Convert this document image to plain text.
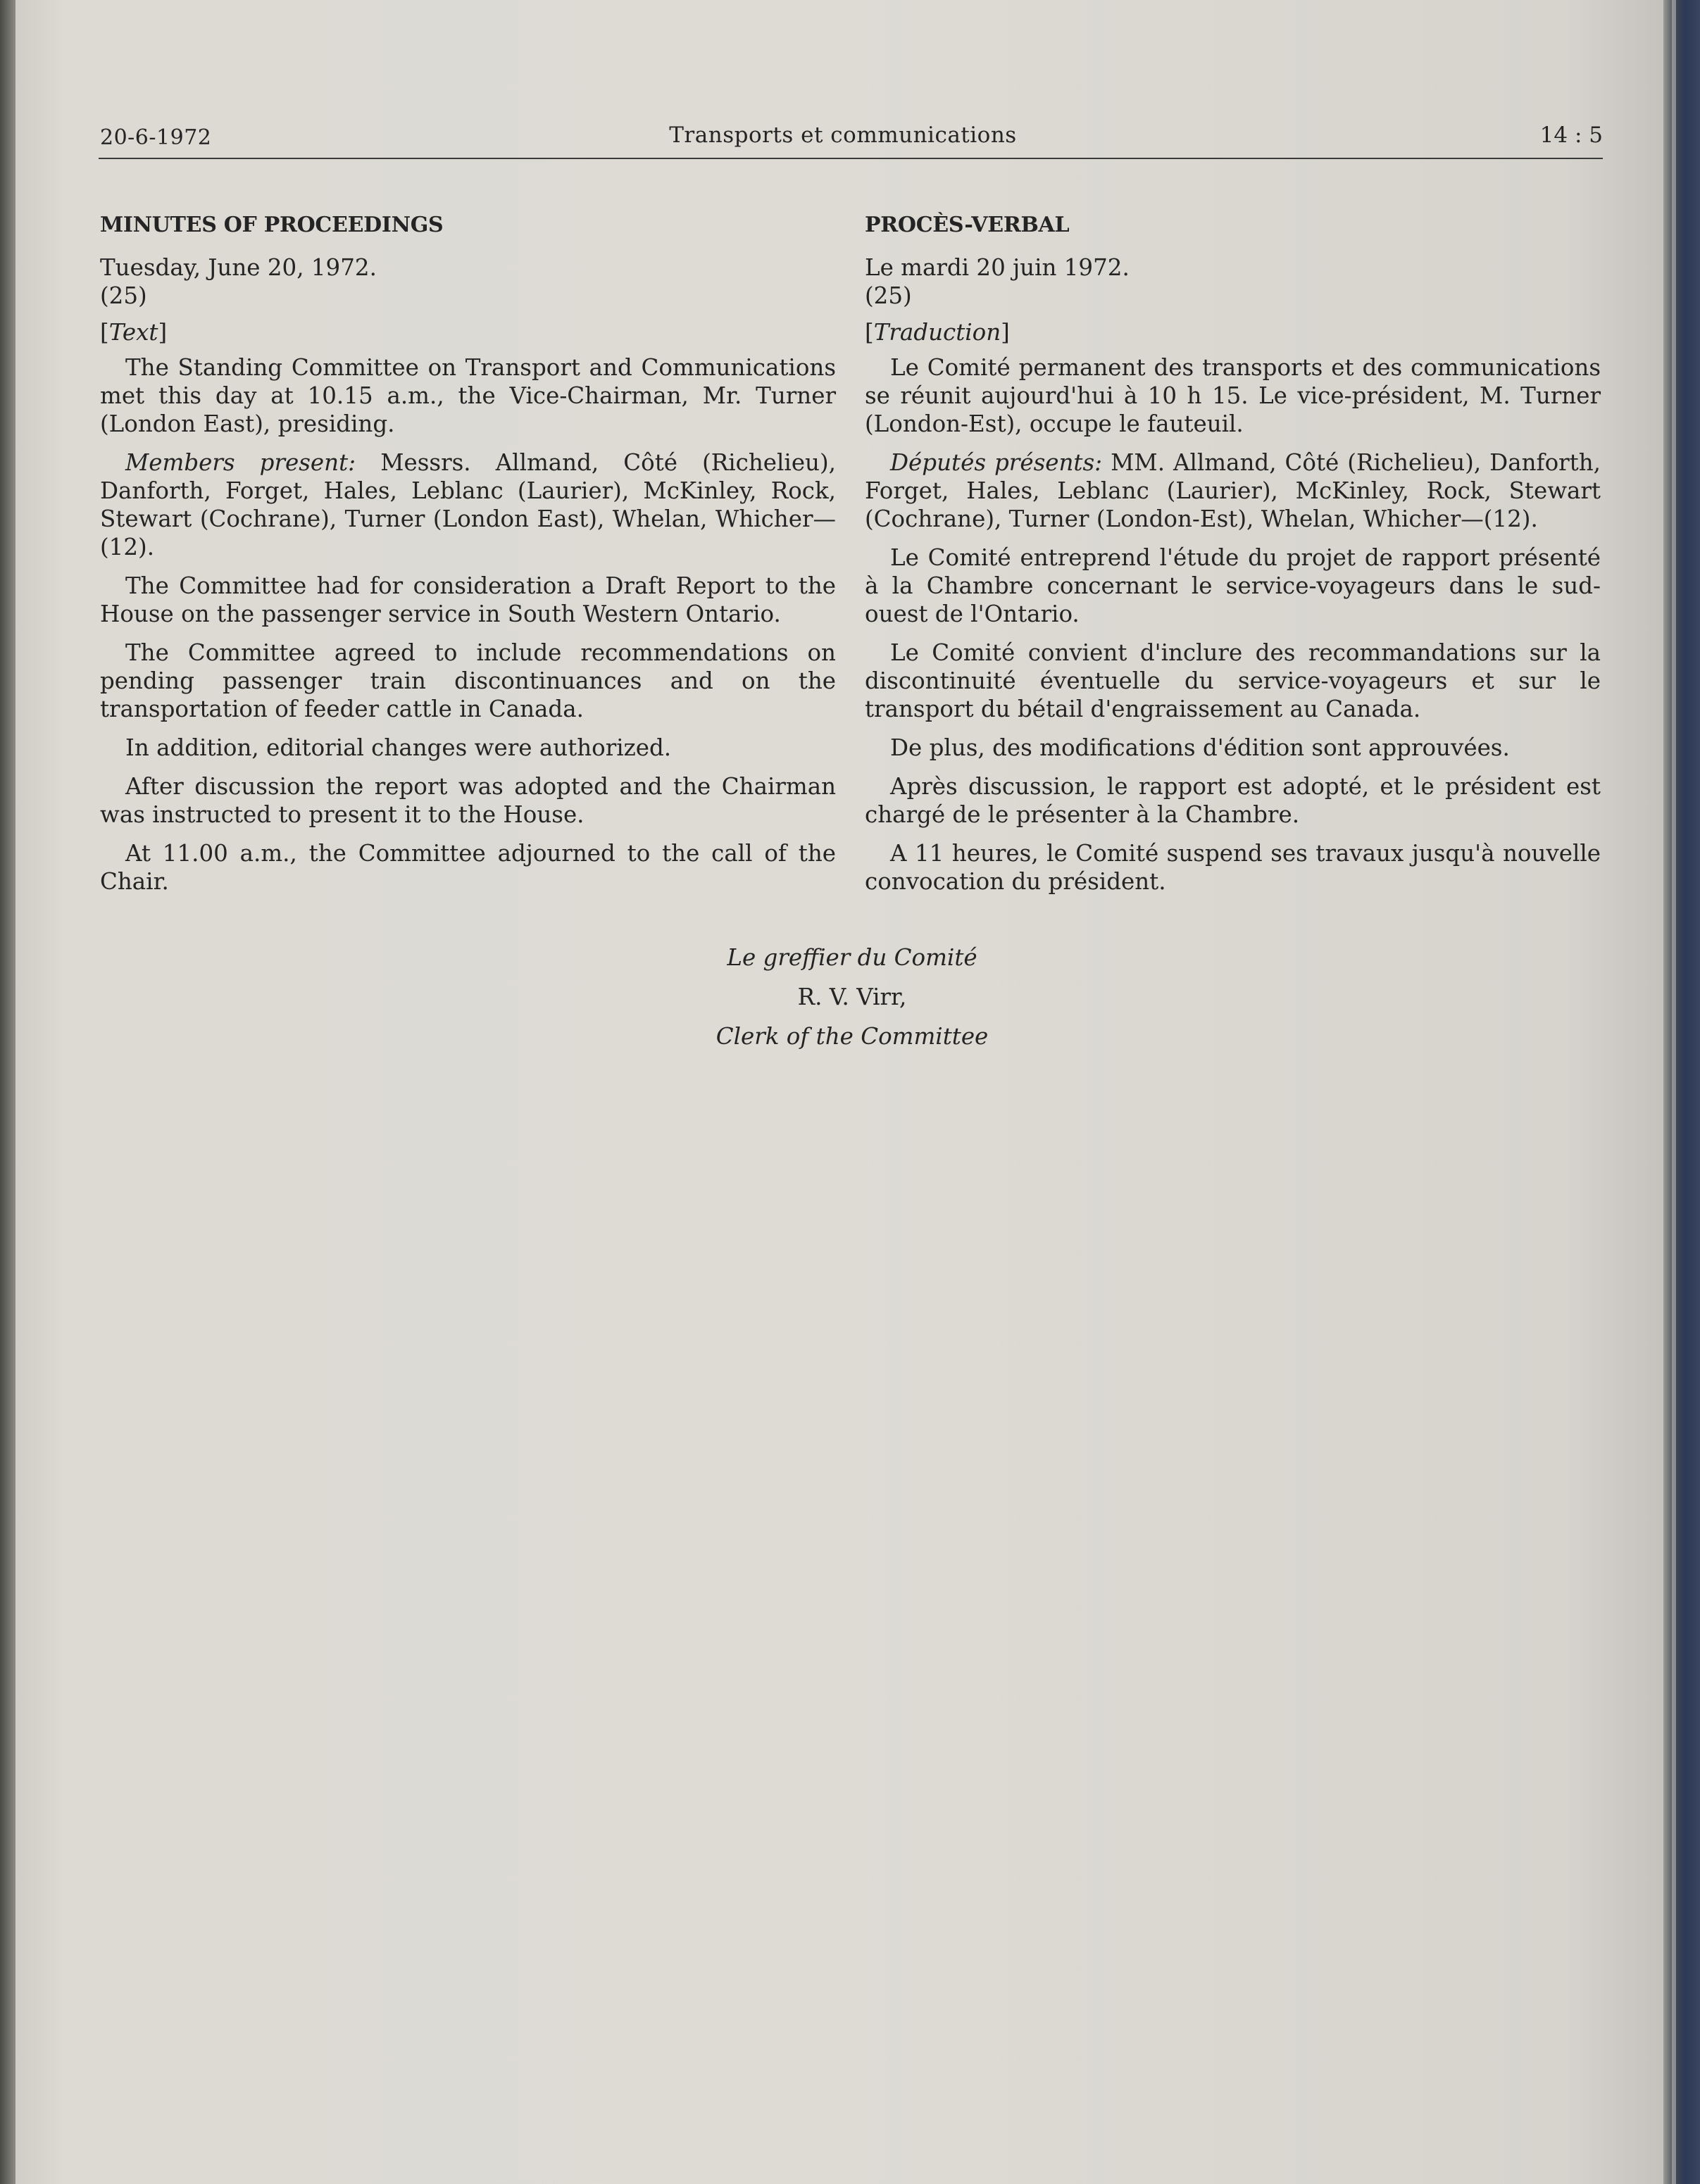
20-6-1972	Transports et communications	14 : 5
MINUTES OF PROCEEDINGS

Tuesday, June 20, 1972.

(25)

[Text]

The Standing Committee on Transport and Communications met this day at 10.15 a.m., the Vice-Chairman, Mr. Turner (London East), presiding.

Members present: Messrs. Allmand, Côté (Richelieu), Danforth, Forget, Hales, Leblanc (Laurier), McKinley, Rock, Stewart (Cochrane), Turner (London East), Whelan, Whicher—(12).

The Committee had for consideration a Draft Report to the House on the passenger service in South Western Ontario.

The Committee agreed to include recommendations on pending passenger train discontinuances and on the transportation of feeder cattle in Canada.

In addition, editorial changes were authorized.

After discussion the report was adopted and the Chairman was instructed to present it to the House.

At 11.00 a.m., the Committee adjourned to the call of the Chair.

PROCÈS-VERBAL

Le mardi 20 juin 1972.

(25)

[Traduction]

Le Comité permanent des transports et des communications se réunit aujourd'hui à 10 h 15. Le vice-président, M. Turner (London-Est), occupe le fauteuil.

Députés présents: MM. Allmand, Côté (Richelieu), Danforth, Forget, Hales, Leblanc (Laurier), McKinley, Rock, Stewart (Cochrane), Turner (London-Est), Whelan, Whicher—(12).

Le Comité entreprend l'étude du projet de rapport présenté à la Chambre concernant le service-voyageurs dans le sud-ouest de l'Ontario.

Le Comité convient d'inclure des recommandations sur la discontinuité éventuelle du service-voyageurs et sur le transport du bétail d'engraissement au Canada.

De plus, des modifications d'édition sont approuvées.

Après discussion, le rapport est adopté, et le président est chargé de le présenter à la Chambre.

A 11 heures, le Comité suspend ses travaux jusqu'à nouvelle convocation du président.

Le greffier du Comité
R. V. Virr,
Clerk of the Committee
